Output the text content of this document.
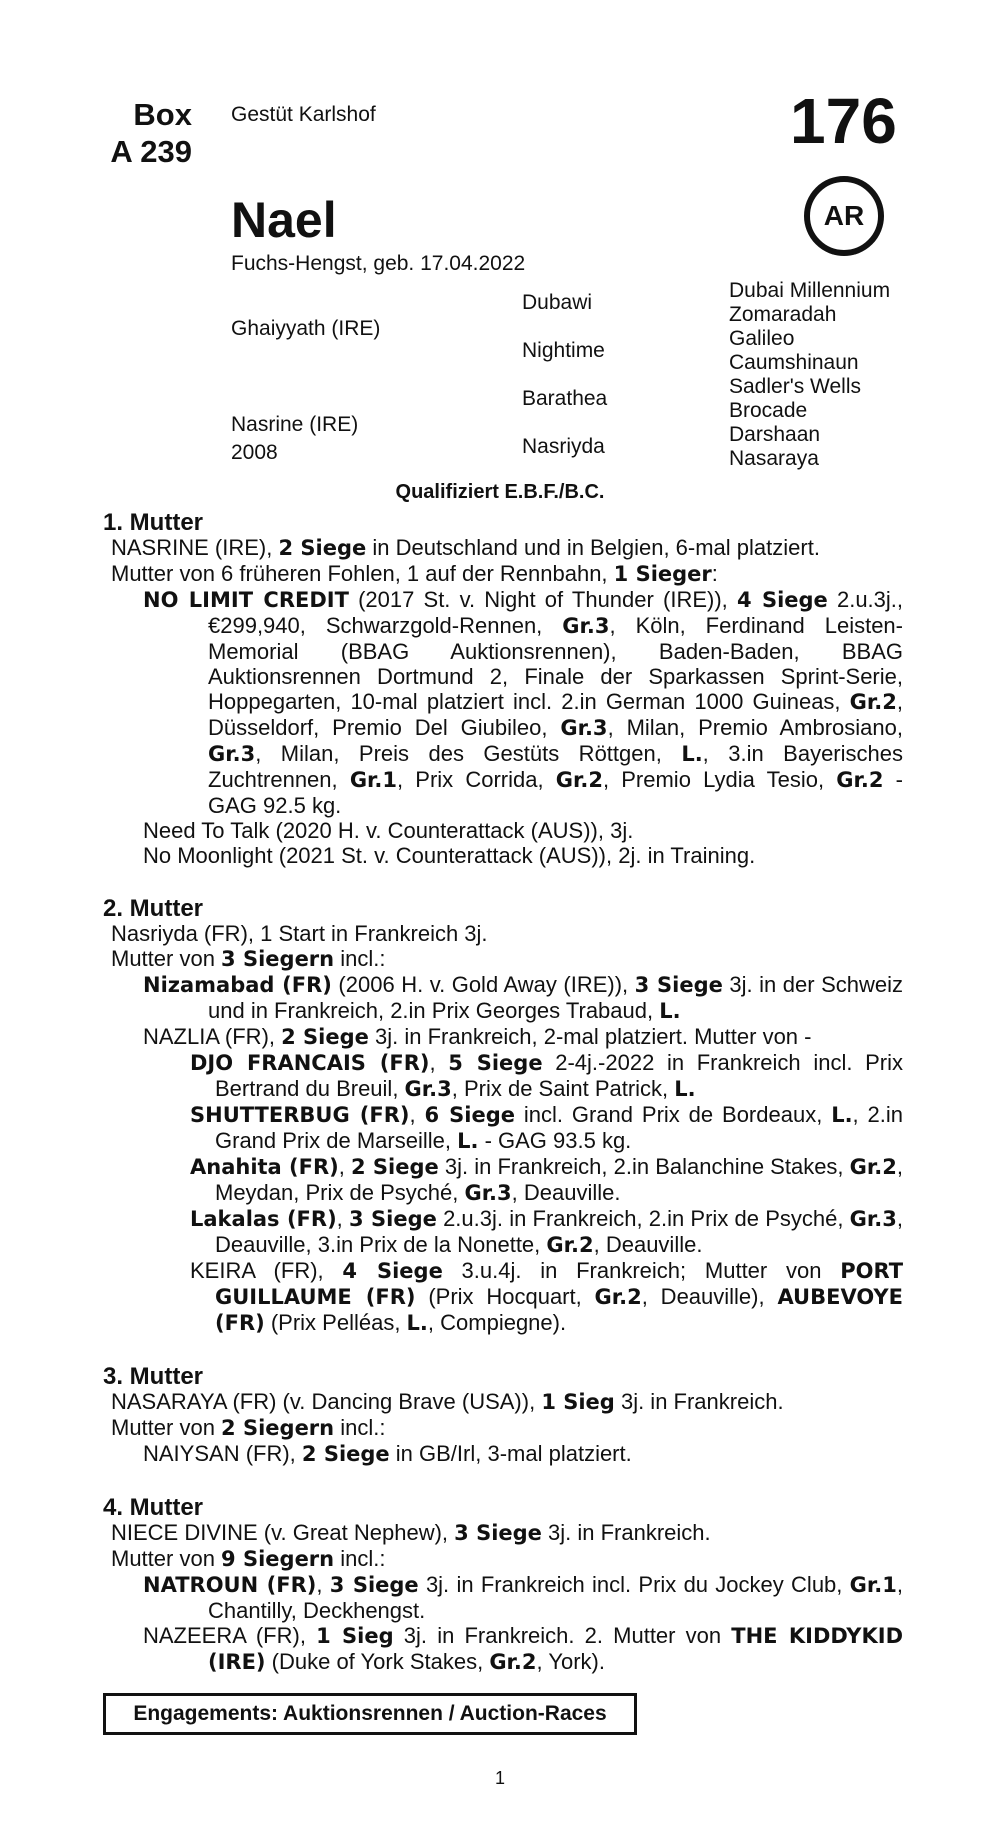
Box
A 239
Gestüt Karlshof	176
AR
Nael
Fuchs-Hengst, geb. 17.04.2022
Ghaiyyath (IRE)
Nasrine (IRE)
2008
Dubawi
Nightime
Barathea
Nasriyda
Dubai Millennium
Zomaradah
Galileo
Caumshinaun
Sadler's Wells
Brocade
Darshaan
Nasaraya
Qualifiziert E.B.F./B.C.
1. Mutter
NASRINE (IRE), 2 Siege in Deutschland und in Belgien, 6-mal platziert.
Mutter von 6 früheren Fohlen, 1 auf der Rennbahn, 1 Sieger:
NO LIMIT CREDIT (2017 St. v. Night of Thunder (IRE)), 4 Siege 2.u.3j., €299,940, Schwarzgold-Rennen, Gr.3, Köln, Ferdinand Leisten-Memorial (BBAG Auktionsrennen), Baden-Baden, BBAG Auktionsrennen Dortmund 2, Finale der Sparkassen Sprint-Serie, Hoppegarten, 10-mal platziert incl. 2.in German 1000 Guineas, Gr.2, Düsseldorf, Premio Del Giubileo, Gr.3, Milan, Premio Ambrosiano, Gr.3, Milan, Preis des Gestüts Röttgen, L., 3.in Bayerisches Zuchtrennen, Gr.1, Prix Corrida, Gr.2, Premio Lydia Tesio, Gr.2 - GAG 92.5 kg.
Need To Talk (2020 H. v. Counterattack (AUS)), 3j.
No Moonlight (2021 St. v. Counterattack (AUS)), 2j. in Training.
2. Mutter
Nasriyda (FR), 1 Start in Frankreich 3j.
Mutter von 3 Siegern incl.:
Nizamabad (FR) (2006 H. v. Gold Away (IRE)), 3 Siege 3j. in der Schweiz und in Frankreich, 2.in Prix Georges Trabaud, L.
NAZLIA (FR), 2 Siege 3j. in Frankreich, 2-mal platziert. Mutter von -
DJO FRANCAIS (FR), 5 Siege 2-4j.-2022 in Frankreich incl. Prix Bertrand du Breuil, Gr.3, Prix de Saint Patrick, L.
SHUTTERBUG (FR), 6 Siege incl. Grand Prix de Bordeaux, L., 2.in Grand Prix de Marseille, L. - GAG 93.5 kg.
Anahita (FR), 2 Siege 3j. in Frankreich, 2.in Balanchine Stakes, Gr.2, Meydan, Prix de Psyché, Gr.3, Deauville.
Lakalas (FR), 3 Siege 2.u.3j. in Frankreich, 2.in Prix de Psyché, Gr.3, Deauville, 3.in Prix de la Nonette, Gr.2, Deauville.
KEIRA (FR), 4 Siege 3.u.4j. in Frankreich; Mutter von PORT GUILLAUME (FR) (Prix Hocquart, Gr.2, Deauville), AUBEVOYE (FR) (Prix Pelléas, L., Compiegne).
3. Mutter
NASARAYA (FR) (v. Dancing Brave (USA)), 1 Sieg 3j. in Frankreich.
Mutter von 2 Siegern incl.:
NAIYSAN (FR), 2 Siege in GB/Irl, 3-mal platziert.
4. Mutter
NIECE DIVINE (v. Great Nephew), 3 Siege 3j. in Frankreich.
Mutter von 9 Siegern incl.:
NATROUN (FR), 3 Siege 3j. in Frankreich incl. Prix du Jockey Club, Gr.1, Chantilly, Deckhengst.
NAZEERA (FR), 1 Sieg 3j. in Frankreich. 2. Mutter von THE KIDDYKID (IRE) (Duke of York Stakes, Gr.2, York).
Engagements: Auktionsrennen / Auction-Races
1
